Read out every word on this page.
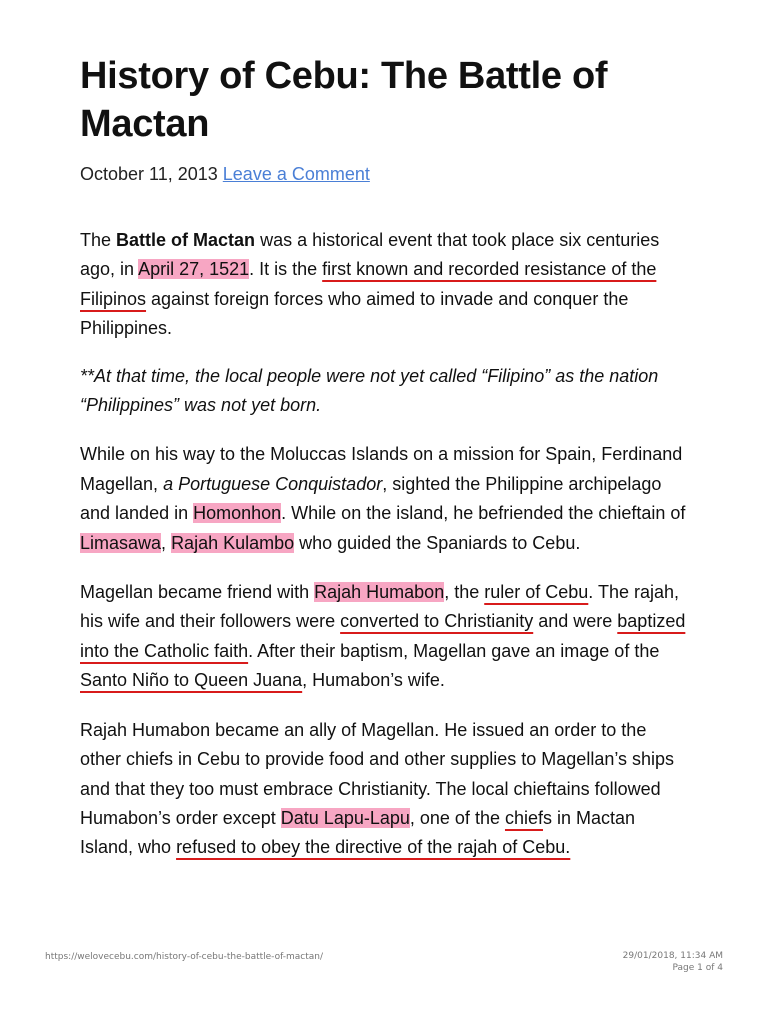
History of Cebu: The Battle of Mactan
October 11, 2013 Leave a Comment

The Battle of Mactan was a historical event that took place six centuries ago, in April 27, 1521. It is the first known and recorded resistance of the Filipinos against foreign forces who aimed to invade and conquer the Philippines.

**At that time, the local people were not yet called “Filipino” as the nation “Philippines” was not yet born.

While on his way to the Moluccas Islands on a mission for Spain, Ferdinand Magellan, a Portuguese Conquistador, sighted the Philippine archipelago and landed in Homonhon. While on the island, he befriended the chieftain of Limasawa, Rajah Kulambo who guided the Spaniards to Cebu.

Magellan became friend with Rajah Humabon, the ruler of Cebu. The rajah, his wife and their followers were converted to Christianity and were baptized into the Catholic faith. After their baptism, Magellan gave an image of the Santo Niño to Queen Juana, Humabon’s wife.

Rajah Humabon became an ally of Magellan. He issued an order to the other chiefs in Cebu to provide food and other supplies to Magellan’s ships and that they too must embrace Christianity. The local chieftains followed Humabon’s order except Datu Lapu-Lapu, one of the chiefs in Mactan Island, who refused to obey the directive of the rajah of Cebu.

https://welovecebu.com/history-of-cebu-the-battle-of-mactan/	29/01/2018, 11:34 AM
Page 1 of 4
